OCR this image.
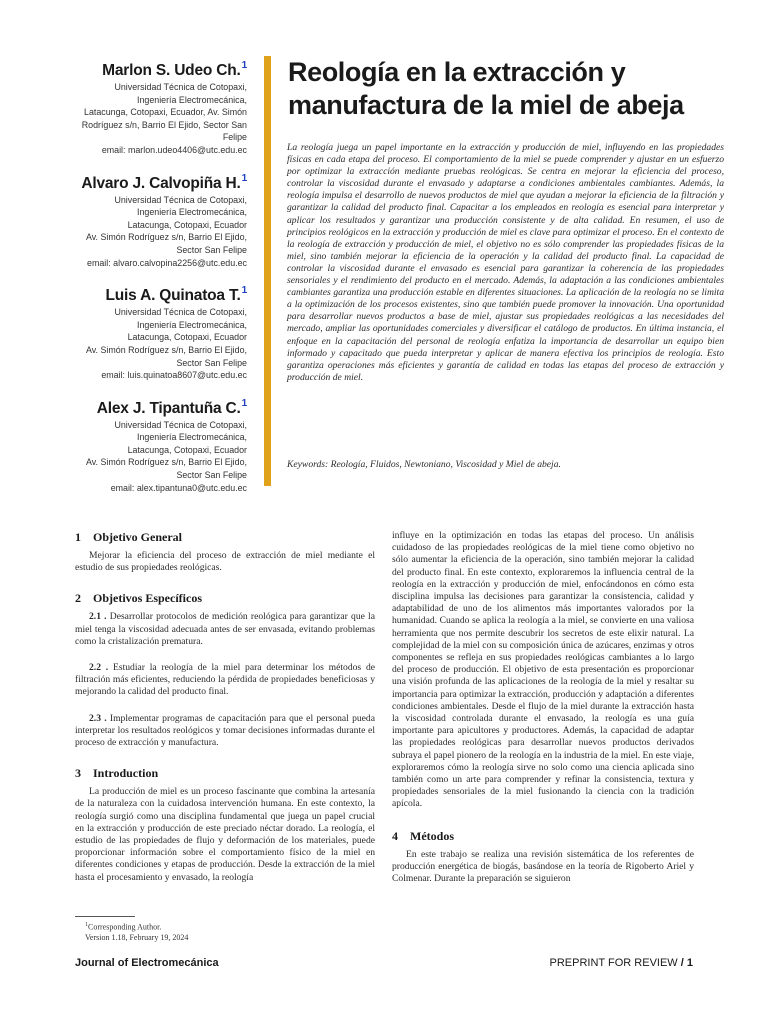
Marlon S. Udeo Ch.$^1$
Universidad Técnica de Cotopaxi,
Ingeniería Electromecánica,
Latacunga, Cotopaxi, Ecuador, Av. Simón
Rodríguez s/n, Barrio El Ejido, Sector San
Felipe
email: marlon.udeo4406@utc.edu.ec
Alvaro J. Calvopiña H.$^1$
Universidad Técnica de Cotopaxi,
Ingeniería Electromecánica,
Latacunga, Cotopaxi, Ecuador
Av. Simón Rodríguez s/n, Barrio El Ejido,
Sector San Felipe
email: alvaro.calvopina2256@utc.edu.ec
Luis A. Quinatoa T.$^1$
Universidad Técnica de Cotopaxi,
Ingeniería Electromecánica,
Latacunga, Cotopaxi, Ecuador
Av. Simón Rodríguez s/n, Barrio El Ejido,
Sector San Felipe
email: luis.quinatoa8607@utc.edu.ec
Alex J. Tipantuña C.$^1$
Universidad Técnica de Cotopaxi,
Ingeniería Electromecánica,
Latacunga, Cotopaxi, Ecuador
Av. Simón Rodríguez s/n, Barrio El Ejido,
Sector San Felipe
email: alex.tipantuna0@utc.edu.ec
Reología en la extracción y manufactura de la miel de abeja

La reología juega un papel importante en la extracción y producción de miel, influyendo en las propiedades físicas en cada etapa del proceso. El comportamiento de la miel se puede comprender y ajustar en un esfuerzo por optimizar la extracción mediante pruebas reológicas. Se centra en mejorar la eficiencia del proceso, controlar la viscosidad durante el envasado y adaptarse a condiciones ambientales cambiantes. Además, la reología impulsa el desarrollo de nuevos productos de miel que ayudan a mejorar la eficiencia de la filtración y garantizar la calidad del producto final. Capacitar a los empleados en reología es esencial para interpretar y aplicar los resultados y garantizar una producción consistente y de alta calidad. En resumen, el uso de principios reológicos en la extracción y producción de miel es clave para optimizar el proceso. En el contexto de la reología de extracción y producción de miel, el objetivo no es sólo comprender las propiedades físicas de la miel, sino también mejorar la eficiencia de la operación y la calidad del producto final. La capacidad de controlar la viscosidad durante el envasado es esencial para garantizar la coherencia de las propiedades sensoriales y el rendimiento del producto en el mercado. Además, la adaptación a las condiciones ambientales cambiantes garantiza una producción estable en diferentes situaciones. La aplicación de la reología no se limita a la optimización de los procesos existentes, sino que también puede promover la innovación. Una oportunidad para desarrollar nuevos productos a base de miel, ajustar sus propiedades reológicas a las necesidades del mercado, ampliar las oportunidades comerciales y diversificar el catálogo de productos. En última instancia, el enfoque en la capacitación del personal de reología enfatiza la importancia de desarrollar un equipo bien informado y capacitado que pueda interpretar y aplicar de manera efectiva los principios de reología. Esto garantiza operaciones más eficientes y garantía de calidad en todas las etapas del proceso de extracción y producción de miel.

Keywords: Reología, Fluidos, Newtoniano, Viscosidad y Miel de abeja.

1 Objetivo General

Mejorar la eficiencia del proceso de extracción de miel mediante el estudio de sus propiedades reológicas.

2 Objetivos Específicos

2.1 . Desarrollar protocolos de medición reológica para garantizar que la miel tenga la viscosidad adecuada antes de ser envasada, evitando problemas como la cristalización prematura.

2.2 . Estudiar la reología de la miel para determinar los métodos de filtración más eficientes, reduciendo la pérdida de propiedades beneficiosas y mejorando la calidad del producto final.

2.3 . Implementar programas de capacitación para que el personal pueda interpretar los resultados reológicos y tomar decisiones informadas durante el proceso de extracción y manufactura.

3 Introduction

La producción de miel es un proceso fascinante que combina la artesanía de la naturaleza con la cuidadosa intervención humana. En este contexto, la reología surgió como una disciplina fundamental que juega un papel crucial en la extracción y producción de este preciado néctar dorado. La reología, el estudio de las propiedades de flujo y deformación de los materiales, puede proporcionar información sobre el comportamiento físico de la miel en diferentes condiciones y etapas de producción. Desde la extracción de la miel hasta el procesamiento y envasado, la reología

influye en la optimización en todas las etapas del proceso. Un análisis cuidadoso de las propiedades reológicas de la miel tiene como objetivo no sólo aumentar la eficiencia de la operación, sino también mejorar la calidad del producto final. En este contexto, exploraremos la influencia central de la reología en la extracción y producción de miel, enfocándonos en cómo esta disciplina impulsa las decisiones para garantizar la consistencia, calidad y adaptabilidad de uno de los alimentos más importantes valorados por la humanidad. Cuando se aplica la reología a la miel, se convierte en una valiosa herramienta que nos permite descubrir los secretos de este elixir natural. La complejidad de la miel con su composición única de azúcares, enzimas y otros componentes se refleja en sus propiedades reológicas cambiantes a lo largo del proceso de producción. El objetivo de esta presentación es proporcionar una visión profunda de las aplicaciones de la reología de la miel y resaltar su importancia para optimizar la extracción, producción y adaptación a diferentes condiciones ambientales. Desde el flujo de la miel durante la extracción hasta la viscosidad controlada durante el envasado, la reología es una guía importante para apicultores y productores. Además, la capacidad de adaptar las propiedades reológicas para desarrollar nuevos productos derivados subraya el papel pionero de la reología en la industria de la miel. En este viaje, exploraremos cómo la reología sirve no solo como una ciencia aplicada sino también como un arte para comprender y refinar la consistencia, textura y propiedades sensoriales de la miel fusionando la ciencia con la tradición apícola.

4 Métodos

En este trabajo se realiza una revisión sistemática de los referentes de producción energética de biogás, basándose en la teoría de Rigoberto Ariel y Colmenar. Durante la preparación se siguieron

$^1$Corresponding Author.
Version 1.18, February 19, 2024
Journal of Electromecánica	PREPRINT FOR REVIEW / 1
